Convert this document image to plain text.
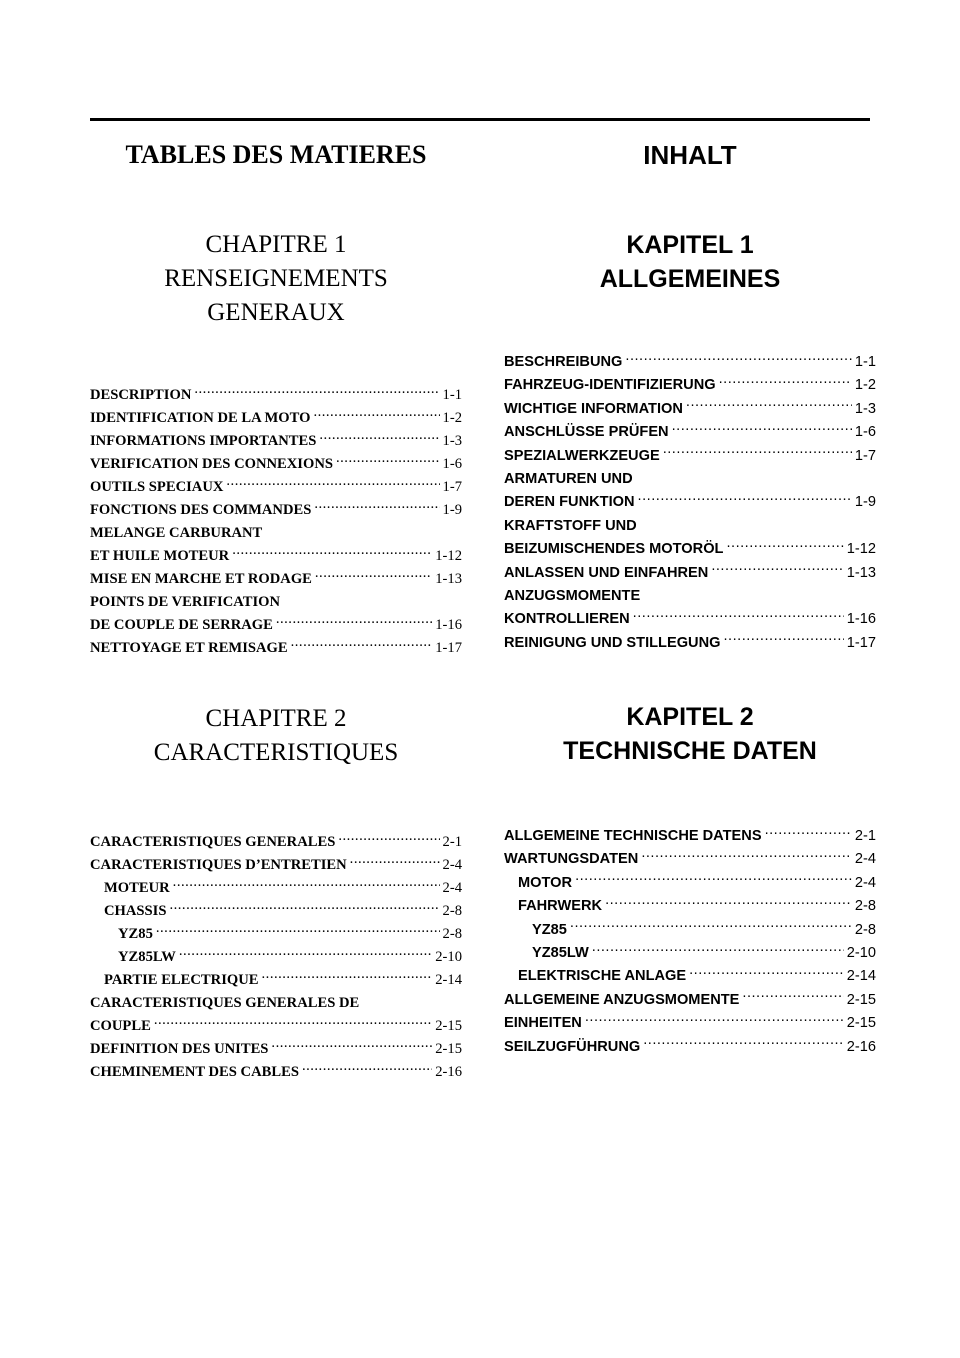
TABLES DES MATIERES
CHAPITRE 1
RENSEIGNEMENTS
GENERAUX
DESCRIPTION .....	1-1
IDENTIFICATION DE LA MOTO .....	1-2
INFORMATIONS IMPORTANTES .....	1-3
VERIFICATION DES CONNEXIONS .....	1-6
OUTILS SPECIAUX .....	1-7
FONCTIONS DES COMMANDES .....	1-9
MELANGE CARBURANT
ET HUILE MOTEUR .....	1-12
MISE EN MARCHE ET RODAGE .....	1-13
POINTS DE VERIFICATION
DE COUPLE DE SERRAGE .....	1-16
NETTOYAGE ET REMISAGE .....	1-17
CHAPITRE 2
CARACTERISTIQUES
CARACTERISTIQUES GENERALES .....	2-1
CARACTERISTIQUES D’ENTRETIEN .....	2-4
MOTEUR .....	2-4
CHASSIS .....	2-8
YZ85 .....	2-8
YZ85LW .....	2-10
PARTIE ELECTRIQUE .....	2-14
CARACTERISTIQUES GENERALES DE
COUPLE .....	2-15
DEFINITION DES UNITES .....	2-15
CHEMINEMENT DES CABLES .....	2-16
INHALT
KAPITEL 1
ALLGEMEINES
BESCHREIBUNG .....	1-1
FAHRZEUG-IDENTIFIZIERUNG .....	1-2
WICHTIGE INFORMATION .....	1-3
ANSCHLÜSSE PRÜFEN .....	1-6
SPEZIALWERKZEUGE .....	1-7
ARMATUREN UND
DEREN FUNKTION .....	1-9
KRAFTSTOFF UND
BEIZUMISCHENDES MOTORÖL .....	1-12
ANLASSEN UND EINFAHREN .....	1-13
ANZUGSMOMENTE
KONTROLLIEREN .....	1-16
REINIGUNG UND STILLEGUNG .....	1-17
KAPITEL 2
TECHNISCHE DATEN
ALLGEMEINE TECHNISCHE DATENS .....	2-1
WARTUNGSDATEN .....	2-4
MOTOR .....	2-4
FAHRWERK .....	2-8
YZ85 .....	2-8
YZ85LW .....	2-10
ELEKTRISCHE ANLAGE .....	2-14
ALLGEMEINE ANZUGSMOMENTE .....	2-15
EINHEITEN .....	2-15
SEILZUGFÜHRUNG .....	2-16
